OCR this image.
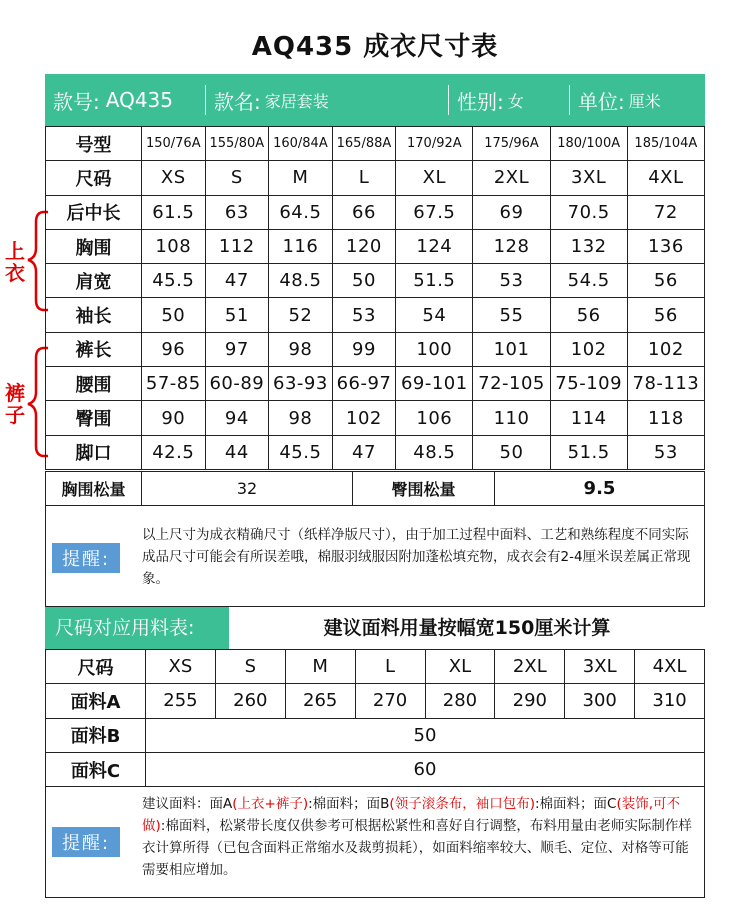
AQ435 成衣尺寸表
款号: AQ435 款名: 家居套装	性别: 女	单位: 厘米
上衣
裤子
号型	150/76A	155/80A	160/84A	165/88A	170/92A	175/96A	180/100A	185/104A
尺码	XS	S	M	L	XL	2XL	3XL	4XL
后中长	61.5	63	64.5	66	67.5	69	70.5	72
胸围	108	112	116	120	124	128	132	136
肩宽	45.5	47	48.5	50	51.5	53	54.5	56
袖长	50	51	52	53	54	55	56	56
裤长	96	97	98	99	100	101	102	102
腰围	57-85	60-89	63-93	66-97	69-101	72-105	75-109	78-113
臀围	90	94	98	102	106	110	114	118
脚口	42.5	44	45.5	47	48.5	50	51.5	53
胸围松量	32	臀围松量	9.5
提醒:
以上尺寸为成衣精确尺寸（纸样净版尺寸），由于加工过程中面料、工艺和熟练程度不同实际成品尺寸可能会有所误差哦，棉服羽绒服因附加蓬松填充物，成衣会有2-4厘米误差属正常现象。
尺码对应用料表:	建议面料用量按幅宽150厘米计算
尺码	XS	S	M	L	XL	2XL	3XL	4XL
面料A	255	260	265	270	280	290	300	310
面料B	50							
面料C	60							
提醒:
建议面料：面A(上衣+裤子):棉面料；面B(领子滚条布，袖口包布):棉面料；面C(装饰,可不做):棉面料，松紧带长度仅供参考可根据松紧性和喜好自行调整，布料用量由老师实际制作样衣计算所得（已包含面料正常缩水及裁剪损耗），如面料缩率较大、顺毛、定位、对格等可能需要相应增加。
